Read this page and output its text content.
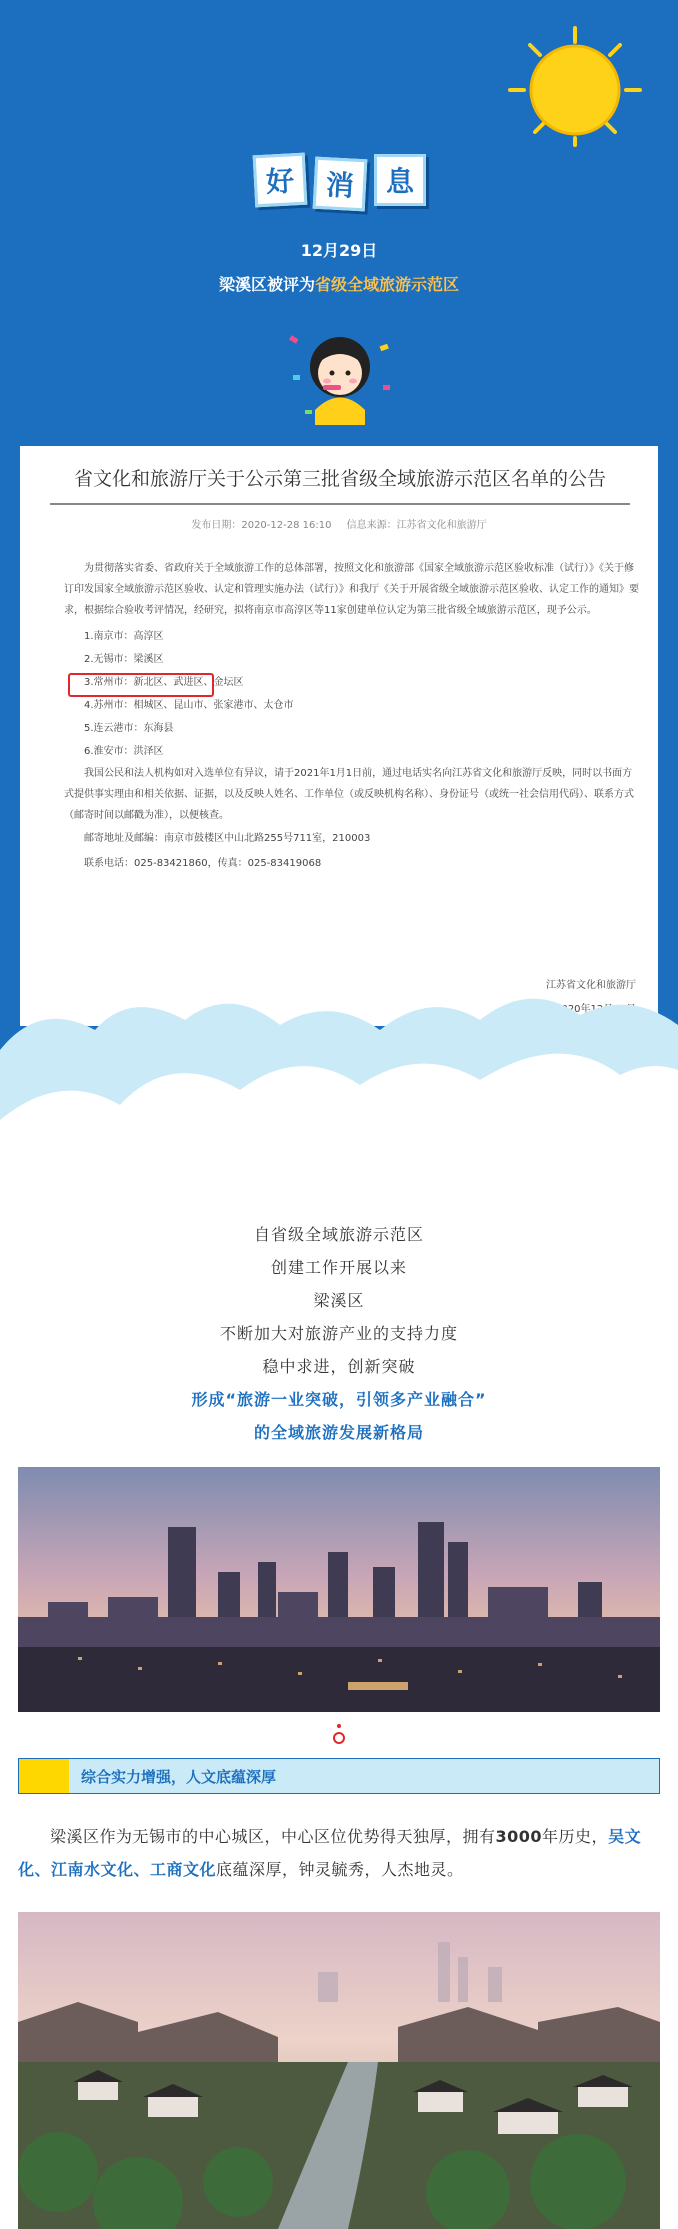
好	消	息
12月29日
梁溪区被评为省级全域旅游示范区
省文化和旅游厅关于公示第三批省级全域旅游示范区名单的公告
发布日期：2020-12-28 16:10 信息来源：江苏省文化和旅游厅

为贯彻落实省委、省政府关于全域旅游工作的总体部署，按照文化和旅游部《国家全域旅游示范区验收标准（试行）》《关于修订印发国家全域旅游示范区验收、认定和管理实施办法（试行）》和我厅《关于开展省级全域旅游示范区验收、认定工作的通知》要求，根据综合验收考评情况，经研究，拟将南京市高淳区等11家创建单位认定为第三批省级全域旅游示范区，现予公示。

1.南京市：高淳区
2.无锡市：梁溪区
3.常州市：新北区、武进区、金坛区
4.苏州市：相城区、昆山市、张家港市、太仓市
5.连云港市：东海县
6.淮安市：洪泽区

我国公民和法人机构如对入选单位有异议，请于2021年1月1日前，通过电话实名向江苏省文化和旅游厅反映，同时以书面方式提供事实理由和相关依据、证据，以及反映人姓名、工作单位（或反映机构名称）、身份证号（或统一社会信用代码）、联系方式（邮寄时间以邮戳为准），以便核查。

邮寄地址及邮编：南京市鼓楼区中山北路255号711室，210003
联系电话：025-83421860，传真：025-83419068
江苏省文化和旅游厅
自省级全域旅游示范区
创建工作开展以来
梁溪区
不断加大对旅游产业的支持力度
稳中求进，创新突破
形成“旅游一业突破，引领多产业融合”
的全域旅游发展新格局
综合实力增强，人文底蕴深厚
梁溪区作为无锡市的中心城区，中心区位优势得天独厚，拥有3000年历史，吴文化、江南水文化、工商文化底蕴深厚，钟灵毓秀，人杰地灵。
